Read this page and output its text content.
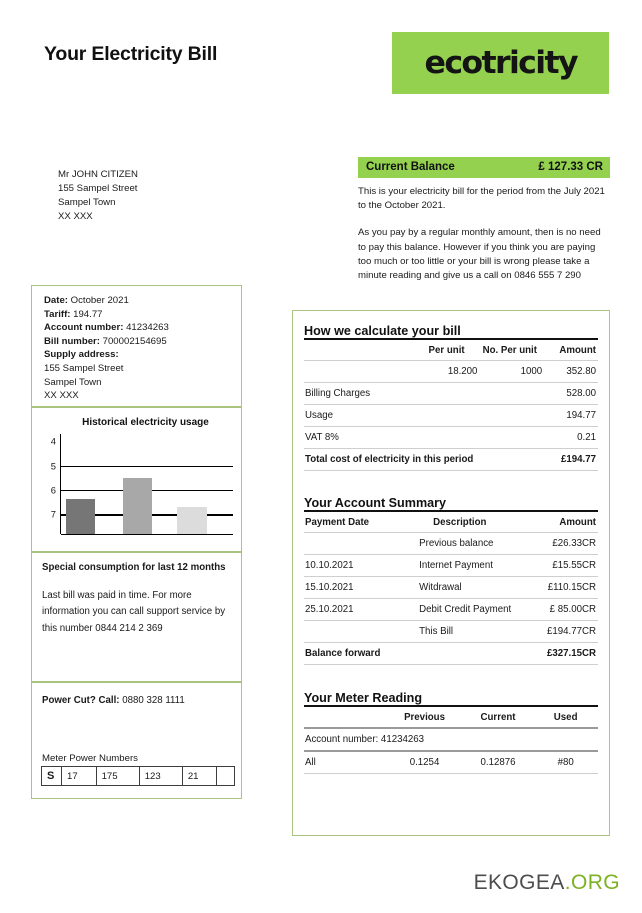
Your Electricity Bill	ecotricity
Mr JOHN CITIZEN
155 Sampel Street
Sampel Town
XX XXX
Current Balance	£ 127.33 CR

This is your electricity bill for the period from the July 2021 to the October 2021.

As you pay by a regular monthly amount, then is no need to pay this balance. However if you think you are paying too much or too little or your bill is wrong please take a minute reading and give us a call on 0846 555 7 290

Date: October 2021
Tariff: 194.77
Account number: 41234263
Bill number: 700002154695
Supply address:
155 Sampel Street
Sampel Town
XX XXX
Historical electricity usage
4
5
6
7
Special consumption for last 12 months
Last bill was paid in time. For more information you can call support service by this number 0844 214 2 369
Power Cut? Call: 0880 328 1111
Meter Power Numbers
S	17	175	123	21	
How we calculate your bill
	Per unit	No. Per unit	Amount
	18.200	1000	352.80
Billing Charges			528.00
Usage			194.77
VAT 8%			0.21
Total cost of electricity in this period			£194.77
Your Account Summary
Payment Date	Description	Amount
	Previous balance	£26.33CR
10.10.2021	Internet Payment	£15.55CR
15.10.2021	Witdrawal	£110.15CR
25.10.2021	Debit Credit Payment	£ 85.00CR
	This Bill	£194.77CR
Balance forward		£327.15CR
Your Meter Reading
	Previous	Current	Used
Account number: 41234263			
All	0.1254	0.12876	#80
EKOGEA.ORG
